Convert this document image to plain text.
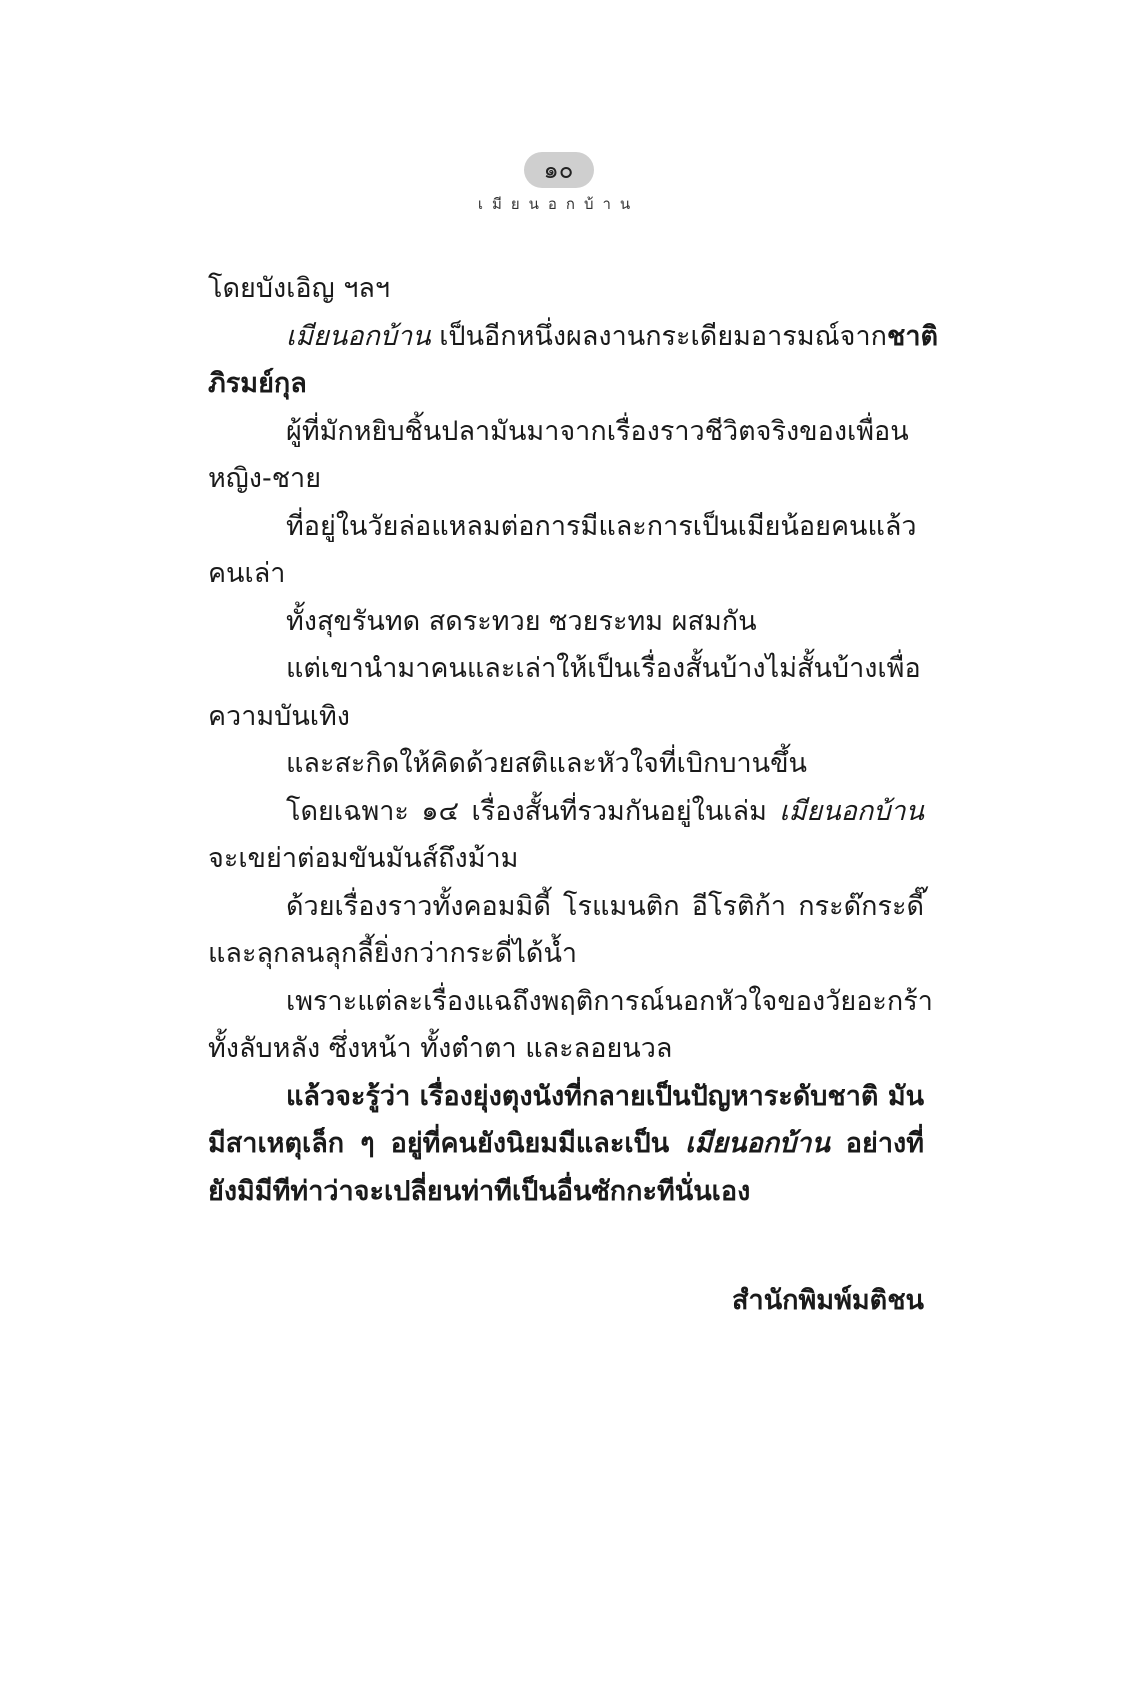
๑๐
เมียนอกบ้าน
โดยบังเอิญ ฯลฯ
เมียนอกบ้าน เป็นอีกหนึ่งผลงานกระเดียมอารมณ์จากชาติ
ภิรมย์กุล
ผู้ที่มักหยิบชิ้นปลามันมาจากเรื่องราวชีวิตจริงของเพื่อน
หญิง-ชาย
ที่อยู่ในวัยล่อแหลมต่อการมีและการเป็นเมียน้อยคนแล้ว
คนเล่า
ทั้งสุขรันทด สดระทวย ซวยระทม ผสมกัน
แต่เขานำมาคนและเล่าให้เป็นเรื่องสั้นบ้างไม่สั้นบ้างเพื่อ
ความบันเทิง
และสะกิดให้คิดด้วยสติและหัวใจที่เบิกบานขึ้น
โดยเฉพาะ ๑๔ เรื่องสั้นที่รวมกันอยู่ในเล่ม เมียนอกบ้าน
จะเขย่าต่อมขันมันส์ถึงม้าม
ด้วยเรื่องราวทั้งคอมมิดี้ โรแมนติก อีโรติก้า กระด๊กระดี๊
และลุกลนลุกลี้ยิ่งกว่ากระดี่ได้น้ำ
เพราะแต่ละเรื่องแฉถึงพฤติการณ์นอกหัวใจของวัยอะกร้า
ทั้งลับหลัง ซึ่งหน้า ทั้งตำตา และลอยนวล
แล้วจะรู้ว่า เรื่องยุ่งตุงนังที่กลายเป็นปัญหาระดับชาติ มัน
มีสาเหตุเล็ก ๆ อยู่ที่คนยังนิยมมีและเป็น เมียนอกบ้าน อย่างที่
ยังมิมีทีท่าว่าจะเปลี่ยนท่าทีเป็นอื่นซักกะทีนั่นเอง
สำนักพิมพ์มติชน
